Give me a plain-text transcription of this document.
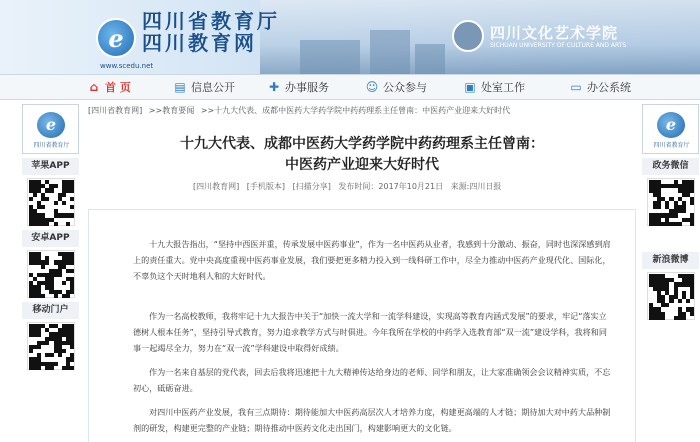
e
四川省教育厅
四川教育网
www.scedu.net
四川文化艺术学院
SICHUAN UNIVERSITY OF CULTURE AND ARTS
⌂ 首 页	▤ 信息公开	✚ 办事服务	☺ 公众参与	▣ 处室工作	▭ 办公系统
e
四川省教育厅
苹果APP
安卓APP
移动门户
e
四川省教育厅
政务微信
新浪微博
[四川省教育网] >>教育要闻 >>十九大代表、成都中医药大学药学院中药药理系主任曾南：中医药产业迎来大好时代
十九大代表、成都中医药大学药学院中药药理系主任曾南：
中医药产业迎来大好时代
[四川教育网] [手机版本] [扫描分享] 发布时间：2017年10月21日 来源:四川日报

十九大报告指出，“坚持中西医并重，传承发展中医药事业”，作为一名中医药从业者，我感到十分激动、振奋，同时也深深感到肩上的责任重大。党中央高度重视中医药事业发展，我们要把更多精力投入到一线科研工作中，尽全力推动中医药产业现代化、国际化，不辜负这个天时地利人和的大好时代。

作为一名高校教师，我将牢记十九大报告中关于“加快一流大学和一流学科建设，实现高等教育内涵式发展”的要求，牢记“落实立德树人根本任务”，坚持引导式教育，努力追求教学方式与时俱进。今年我所在学校的中药学入选教育部“双一流”建设学科，我将和同事一起竭尽全力，努力在“双一流”学科建设中取得好成绩。

作为一名来自基层的党代表，回去后我将迅速把十九大精神传达给身边的老师、同学和朋友，让大家准确领会会议精神实质，不忘初心，砥砺奋进。

对四川中医药产业发展，我有三点期待：期待能加大中医药高层次人才培养力度，构建更高端的人才链；期待加大对中药大品种制剂的研发，构建更完整的产业链；期待推动中医药文化走出国门，构建影响更大的文化链。
